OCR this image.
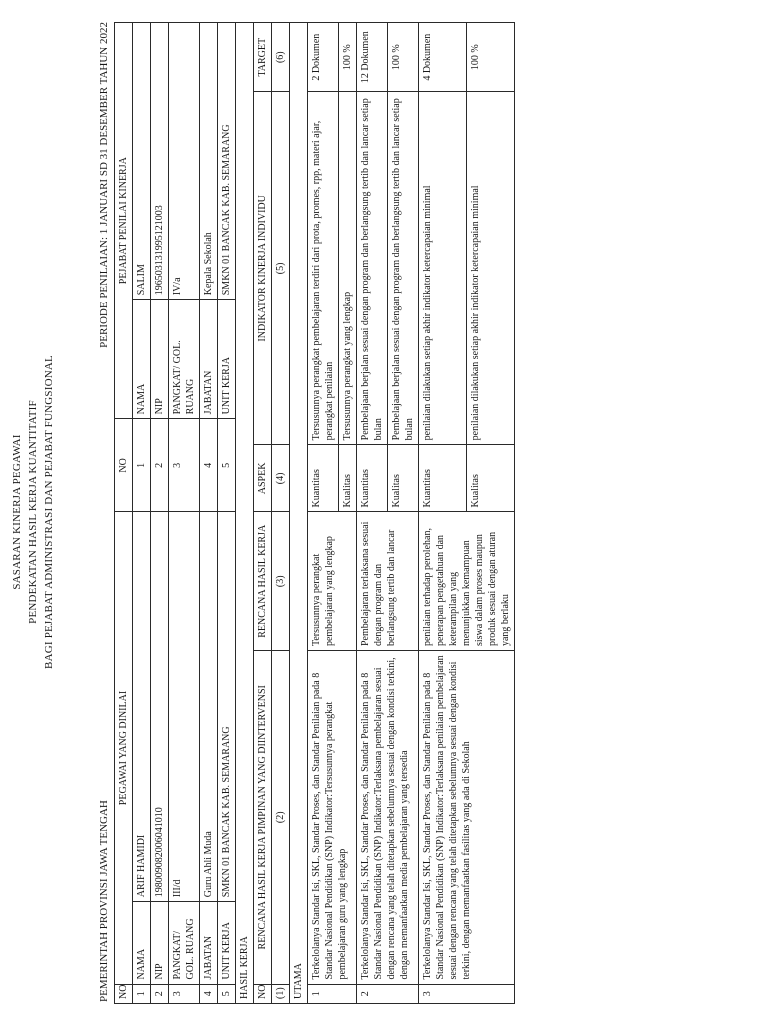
SASARAN KINERJA PEGAWAI PENDEKATAN HASIL KERJA KUANTITATIF BAGI PEJABAT ADMINISTRASI DAN PEJABAT FUNGSIONAL
PEMERINTAH PROVINSI JAWA TENGAH
PERIODE PENILAIAN: 1 JANUARI SD 31 DESEMBER TAHUN 2022
NO	PEGAWAI YANG DINILAI			NO		PEJABAT PENILAI KINERJA		
1	NAMA	ARIF HAMIDI		1		NAMA	SALIM	
2	NIP	198009082006041010		2		NIP	196503131995121003	
3	PANGKAT/ GOL. RUANG	III/d		3		PANGKAT/ GOL. RUANG	IV/a	
4	JABATAN	Guru Ahli Muda		4		JABATAN	Kepala Sekolah	
5	UNIT KERJA	SMKN 01 BANCAK KAB. SEMARANG		5		UNIT KERJA	SMKN 01 BANCAK KAB. SEMARANG	
HASIL KERJA								
NO	RENCANA HASIL KERJA PIMPINAN YANG DIINTERVENSI		RENCANA HASIL KERJA	ASPEK	INDIKATOR KINERJA INDIVIDU			TARGET
(1)	(2)		(3)	(4)	(5)			(6)
UTAMA								
1	Terkelolanya Standar Isi, SKL, Standar Proses, dan Standar Penilaian pada 8 Standar Nasional Pendidikan (SNP) Indikator:Tersusunnya perangkat pembelajaran guru yang lengkap		Tersusunnya perangkat pembelajaran yang lengkap	Kuantitas	Tersusunnya perangkat pembelajaran terdiri dari prota, promes, rpp, materi ajar, perangkat penilaian			2 Dokumen
				Kualitas	Tersusunnya perangkat yang lengkap			100 %
2	Terkelolanya Standar Isi, SKL, Standar Proses, dan Standar Penilaian pada 8 Standar Nasional Pendidikan (SNP) Indikator:Terlaksana pembelajaran sesuai dengan rencana yang telah ditetapkan sebelumnya sesuai dengan kondisi terkini, dengan memanfaatkan media pembelajaran yang tersedia		Pembelajaran terlaksana sesuai dengan program dan berlangsung tertib dan lancar	Kuantitas	Pembelajaan berjalan sesuai dengan program dan berlangsung tertib dan lancar setiap bulan			12 Dokumen
				Kualitas	Pembelajaan berjalan sesuai dengan program dan berlangsung tertib dan lancar setiap bulan			100 %
3	Terkelolanya Standar Isi, SKL, Standar Proses, dan Standar Penilaian pada 8 Standar Nasional Pendidikan (SNP) Indikator:Terlaksana penilaian pembelajaran sesuai dengan rencana yang telah ditetapkan sebelumnya sesuai dengan kondisi terkini, dengan memanfaatkan fasilitas yang ada di Sekolah		penilaian terhadap perolehan, penerapan pengetahuan dan keterampilan yang menunjukkan kemampuan siswa dalam proses maupun produk sesuai dengan aturan yang berlaku	Kuantitas	penilaian dilakukan setiap akhir indikator ketercapaian minimal			4 Dokumen
				Kualitas	penilaian dilakukan setiap akhir indikator ketercapaian minimal			100 %
